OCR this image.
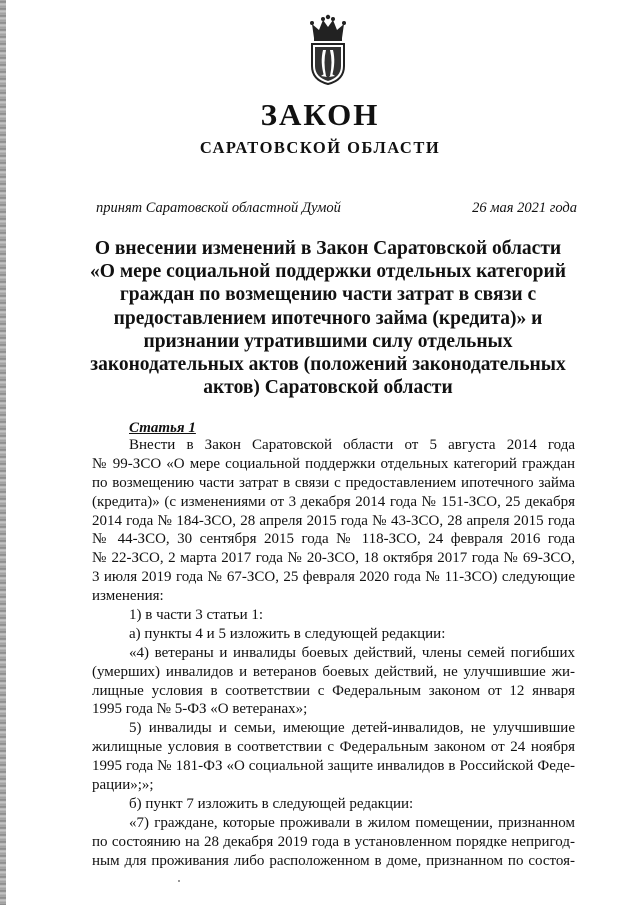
ЗАКОН
САРАТОВСКОЙ ОБЛАСТИ
принят Саратовской областной Думой	26 мая 2021 года
О внесении изменений в Закон Саратовской области
«О мере социальной поддержки отдельных категорий
граждан по возмещению части затрат в связи с
предоставлением ипотечного займа (кредита)» и
признании утратившими силу отдельных
законодательных актов (положений законодательных
актов) Саратовской области
Статья 1
Внести в Закон Саратовской области от 5 августа 2014 года
№ 99-ЗСО «О мере социальной поддержки отдельных категорий граждан
по возмещению части затрат в связи с предоставлением ипотечного займа
(кредита)» (с изменениями от 3 декабря 2014 года № 151-ЗСО, 25 декабря
2014 года № 184-ЗСО, 28 апреля 2015 года № 43-ЗСО, 28 апреля 2015 года
№ 44-ЗСО, 30 сентября 2015 года № 118-ЗСО, 24 февраля 2016 года
№ 22-ЗСО, 2 марта 2017 года № 20-ЗСО, 18 октября 2017 года № 69-ЗСО,
3 июля 2019 года № 67-ЗСО, 25 февраля 2020 года № 11-ЗСО) следующие
изменения:
1) в части 3 статьи 1:
а) пункты 4 и 5 изложить в следующей редакции:
«4) ветераны и инвалиды боевых действий, члены семей погибших
(умерших) инвалидов и ветеранов боевых действий, не улучшившие жи-
лищные условия в соответствии с Федеральным законом от 12 января
1995 года № 5-ФЗ «О ветеранах»;
5) инвалиды и семьи, имеющие детей-инвалидов, не улучшившие
жилищные условия в соответствии с Федеральным законом от 24 ноября
1995 года № 181-ФЗ «О социальной защите инвалидов в Российской Феде-
рации»;»;
б) пункт 7 изложить в следующей редакции:
«7) граждане, которые проживали в жилом помещении, признанном
по состоянию на 28 декабря 2019 года в установленном порядке непригод-
ным для проживания либо расположенном в доме, признанном по состоя-
